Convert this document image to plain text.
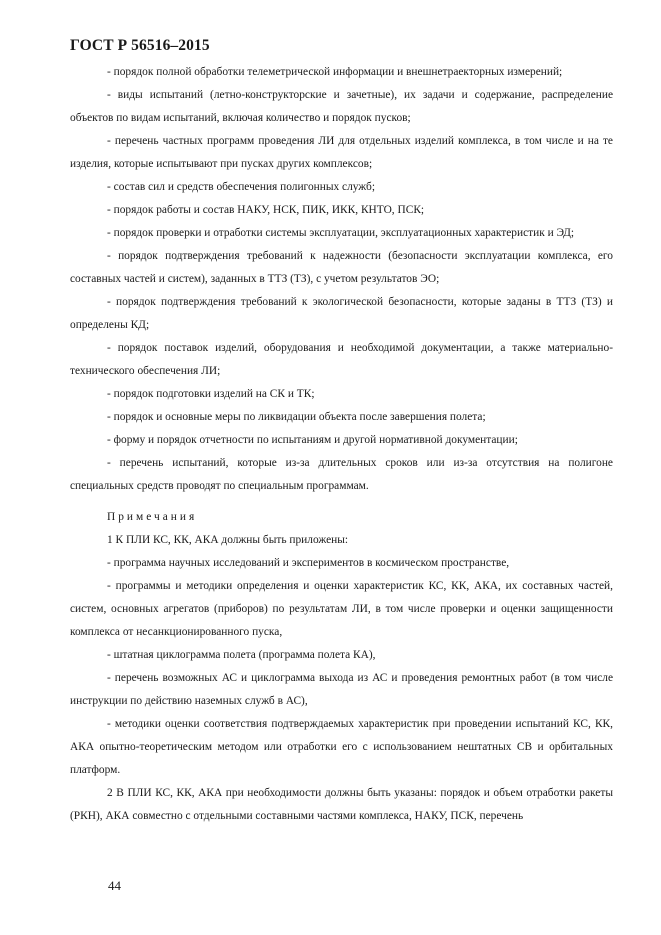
ГОСТ Р 56516–2015

- порядок полной обработки телеметрической информации и внешнетраекторных измерений;

- виды испытаний (летно-конструкторские и зачетные), их задачи и содержание, распределение объектов по видам испытаний, включая количество и порядок пусков;

- перечень частных программ проведения ЛИ для отдельных изделий комплекса, в том числе и на те изделия, которые испытывают при пусках других комплексов;

- состав сил и средств обеспечения полигонных служб;

- порядок работы и состав НАКУ, НСК, ПИК, ИКК, КНТО, ПСК;

- порядок проверки и отработки системы эксплуатации, эксплуатационных характеристик и ЭД;

- порядок подтверждения требований к надежности (безопасности эксплуатации комплекса, его составных частей и систем), заданных в ТТЗ (ТЗ), с учетом результатов ЭО;

- порядок подтверждения требований к экологической безопасности, которые заданы в ТТЗ (ТЗ) и определены КД;

- порядок поставок изделий, оборудования и необходимой документации, а также материально-технического обеспечения ЛИ;

- порядок подготовки изделий на СК и ТК;

- порядок и основные меры по ликвидации объекта после завершения полета;

- форму и порядок отчетности по испытаниям и другой нормативной документации;

- перечень испытаний, которые из-за длительных сроков или из-за отсутствия на полигоне специальных средств проводят по специальным программам.

Примечания

1 К ПЛИ КС, КК, АКА должны быть приложены:

- программа научных исследований и экспериментов в космическом пространстве,

- программы и методики определения и оценки характеристик КС, КК, АКА, их составных частей, систем, основных агрегатов (приборов) по результатам ЛИ, в том числе проверки и оценки защищенности комплекса от несанкционированного пуска,

- штатная циклограмма полета (программа полета КА),

- перечень возможных АС и циклограмма выхода из АС и проведения ремонтных работ (в том числе инструкции по действию наземных служб в АС),

- методики оценки соответствия подтверждаемых характеристик при проведении испытаний КС, КК, АКА опытно-теоретическим методом или отработки его с использованием нештатных СВ и орбитальных платформ.

2 В ПЛИ КС, КК, АКА при необходимости должны быть указаны: порядок и объем отработки ракеты (РКН), АКА совместно с отдельными составными частями комплекса, НАКУ, ПСК, перечень

44
